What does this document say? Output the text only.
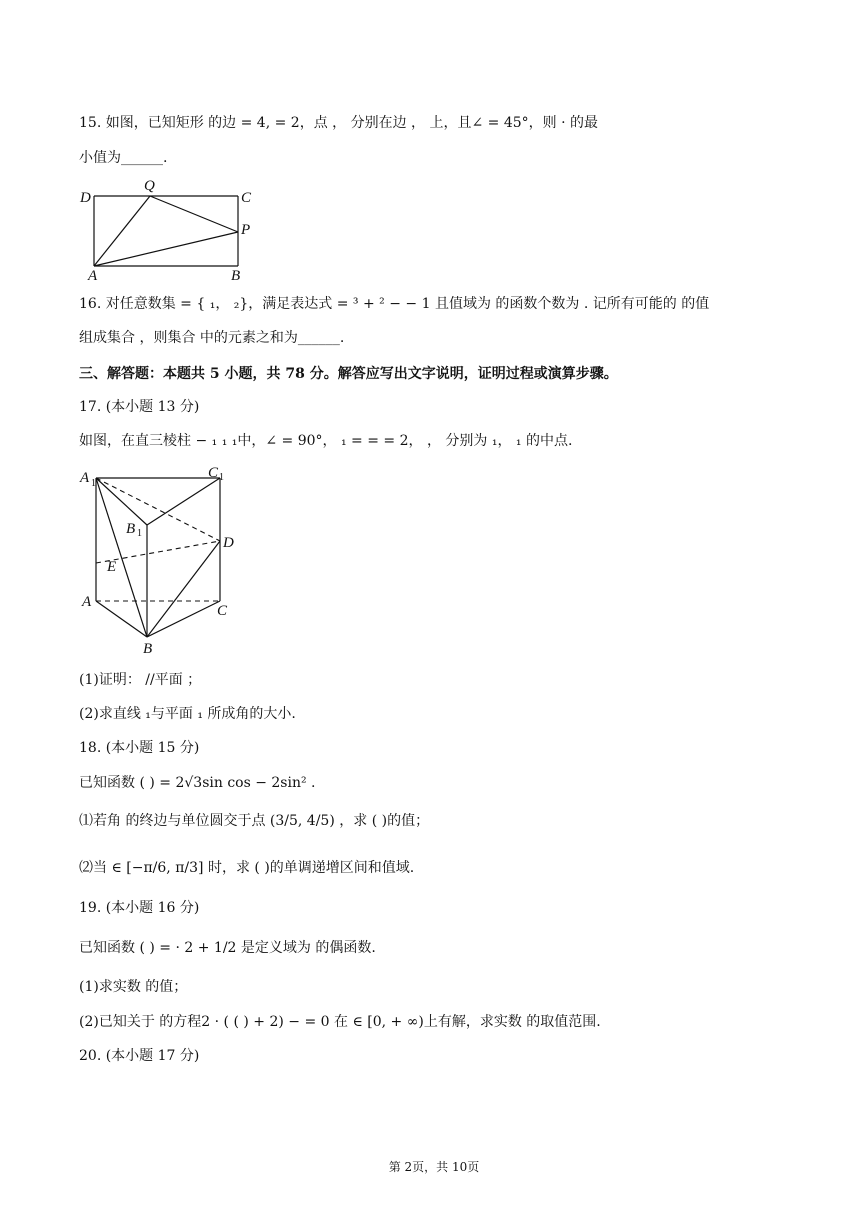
15. 如图，已知矩形 的边 = 4, = 2，点 ， 分别在边 ， 上，且∠ = 45°，则 · 的最
小值为______.
D
Q
C
P
A	B
16. 对任意数集 = { ₁， ₂}，满足表达式 = ³ + ² − − 1 且值域为 的函数个数为 . 记所有可能的 的值
组成集合 ，则集合 中的元素之和为______.
三、解答题：本题共 5 小题，共 78 分。解答应写出文字说明，证明过程或演算步骤。
17. (本小题 13 分)
如图，在直三棱柱 − ₁ ₁ ₁中，∠ = 90°， ₁ = = = 2， ， 分别为 ₁， ₁ 的中点.
A 1
C 1
B 1
D
E
A
C
B
(1)证明： //平面 ；
(2)求直线 ₁与平面 ₁ 所成角的大小.
18. (本小题 15 分)
已知函数 ( ) = 2√3sin cos − 2sin² .
⑴若角 的终边与单位圆交于点 (3/5, 4/5) ，求 ( )的值；
⑵当 ∈ [−π/6, π/3] 时，求 ( )的单调递增区间和值域.
19. (本小题 16 分)
已知函数 ( ) = · 2 + 1/2 是定义域为 的偶函数.
(1)求实数 的值；
(2)已知关于 的方程2 · ( ( ) + 2) − = 0 在 ∈ [0, + ∞)上有解，求实数 的取值范围.
20. (本小题 17 分)
第 2页，共 10页
